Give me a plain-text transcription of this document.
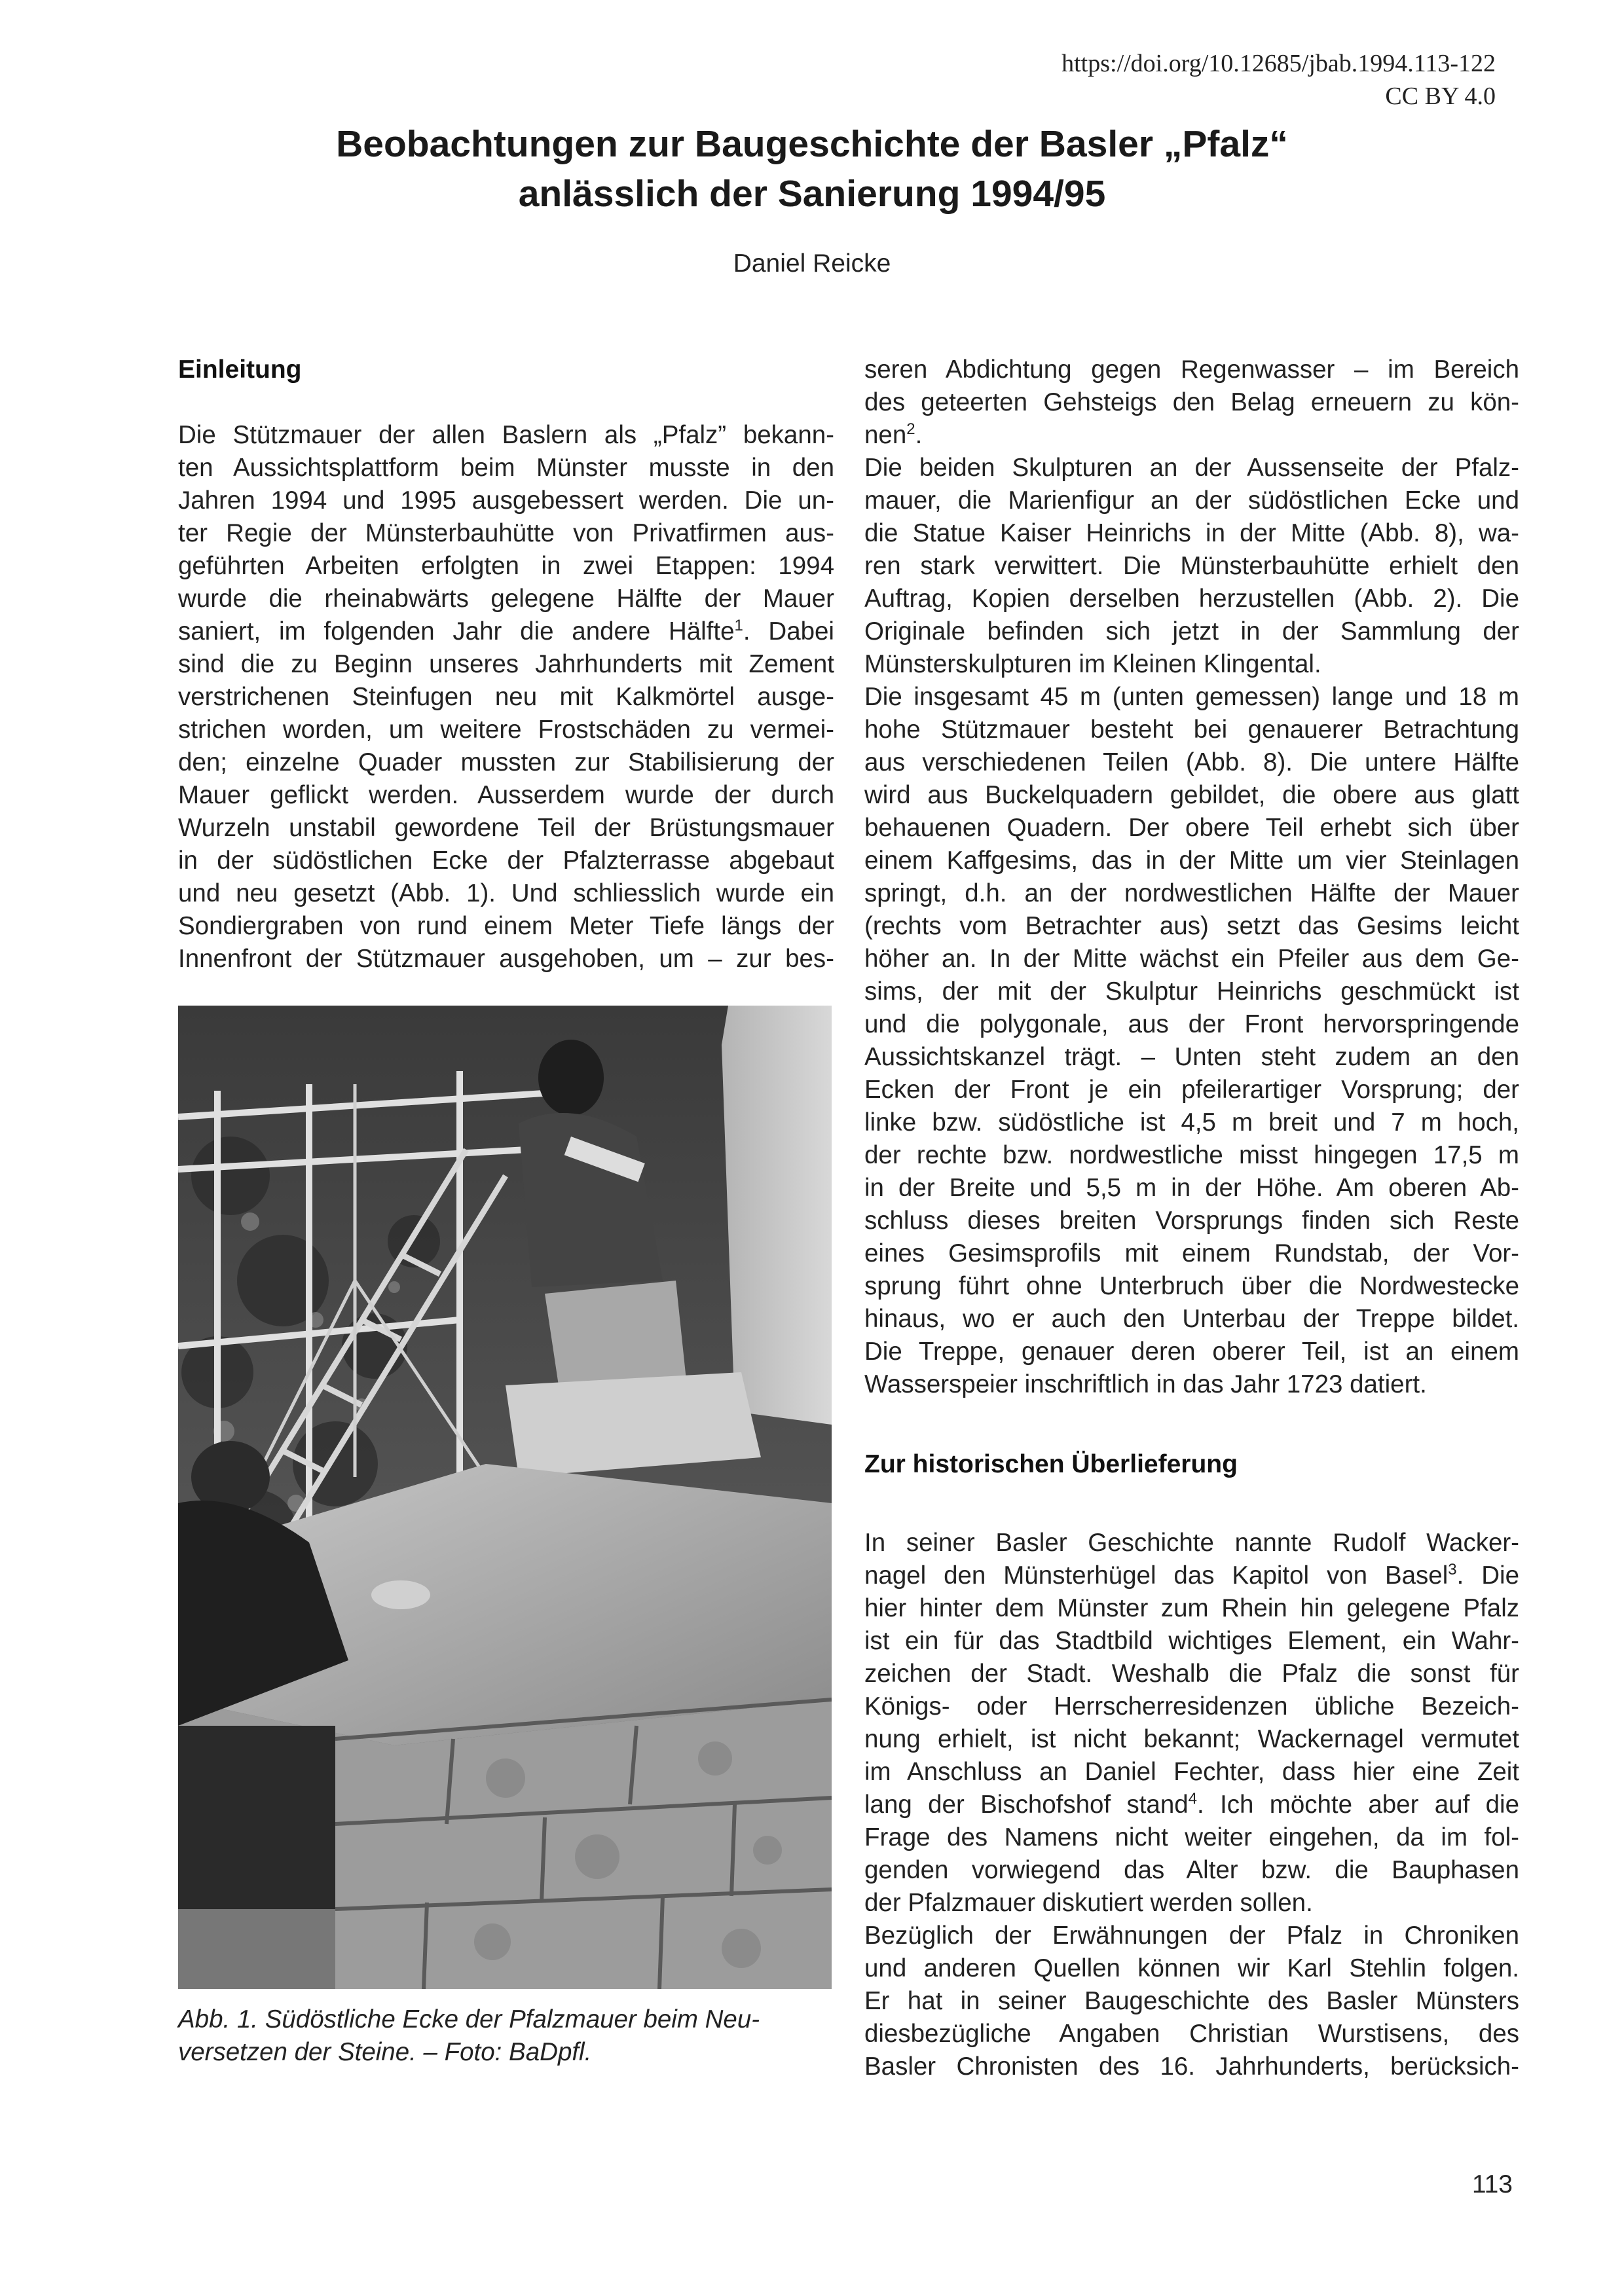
https://doi.org/10.12685/jbab.1994.113-122
CC BY 4.0
Beobachtungen zur Baugeschichte der Basler „Pfalz“
anlässlich der Sanierung 1994/95
Daniel Reicke
Einleitung
Die Stützmauer der allen Baslern als „Pfalz” bekann-
ten Aussichtsplattform beim Münster musste in den
Jahren 1994 und 1995 ausgebessert werden. Die un-
ter Regie der Münsterbauhütte von Privatfirmen aus-
geführten Arbeiten erfolgten in zwei Etappen: 1994
wurde die rheinabwärts gelegene Hälfte der Mauer
saniert, im folgenden Jahr die andere Hälfte$^1$. Dabei
sind die zu Beginn unseres Jahrhunderts mit Zement
verstrichenen Steinfugen neu mit Kalkmörtel ausge-
strichen worden, um weitere Frostschäden zu vermei-
den; einzelne Quader mussten zur Stabilisierung der
Mauer geflickt werden. Ausserdem wurde der durch
Wurzeln unstabil gewordene Teil der Brüstungsmauer
in der südöstlichen Ecke der Pfalzterrasse abgebaut
und neu gesetzt (Abb. 1). Und schliesslich wurde ein
Sondiergraben von rund einem Meter Tiefe längs der
Innenfront der Stützmauer ausgehoben, um – zur bes-
Abb. 1. Südöstliche Ecke der Pfalzmauer beim Neu-
versetzen der Steine. – Foto: BaDpfl.
seren Abdichtung gegen Regenwasser – im Bereich
des geteerten Gehsteigs den Belag erneuern zu kön-
nen$^2$.
Die beiden Skulpturen an der Aussenseite der Pfalz-
mauer, die Marienfigur an der südöstlichen Ecke und
die Statue Kaiser Heinrichs in der Mitte (Abb. 8), wa-
ren stark verwittert. Die Münsterbauhütte erhielt den
Auftrag, Kopien derselben herzustellen (Abb. 2). Die
Originale befinden sich jetzt in der Sammlung der
Münsterskulpturen im Kleinen Klingental.
Die insgesamt 45 m (unten gemessen) lange und 18 m
hohe Stützmauer besteht bei genauerer Betrachtung
aus verschiedenen Teilen (Abb. 8). Die untere Hälfte
wird aus Buckelquadern gebildet, die obere aus glatt
behauenen Quadern. Der obere Teil erhebt sich über
einem Kaffgesims, das in der Mitte um vier Steinlagen
springt, d.h. an der nordwestlichen Hälfte der Mauer
(rechts vom Betrachter aus) setzt das Gesims leicht
höher an. In der Mitte wächst ein Pfeiler aus dem Ge-
sims, der mit der Skulptur Heinrichs geschmückt ist
und die polygonale, aus der Front hervorspringende
Aussichtskanzel trägt. – Unten steht zudem an den
Ecken der Front je ein pfeilerartiger Vorsprung; der
linke bzw. südöstliche ist 4,5 m breit und 7 m hoch,
der rechte bzw. nordwestliche misst hingegen 17,5 m
in der Breite und 5,5 m in der Höhe. Am oberen Ab-
schluss dieses breiten Vorsprungs finden sich Reste
eines Gesimsprofils mit einem Rundstab, der Vor-
sprung führt ohne Unterbruch über die Nordwestecke
hinaus, wo er auch den Unterbau der Treppe bildet.
Die Treppe, genauer deren oberer Teil, ist an einem
Wasserspeier inschriftlich in das Jahr 1723 datiert.
Zur historischen Überlieferung
In seiner Basler Geschichte nannte Rudolf Wacker-
nagel den Münsterhügel das Kapitol von Basel$^3$. Die
hier hinter dem Münster zum Rhein hin gelegene Pfalz
ist ein für das Stadtbild wichtiges Element, ein Wahr-
zeichen der Stadt. Weshalb die Pfalz die sonst für
Königs- oder Herrscherresidenzen übliche Bezeich-
nung erhielt, ist nicht bekannt; Wackernagel vermutet
im Anschluss an Daniel Fechter, dass hier eine Zeit
lang der Bischofshof stand$^4$. Ich möchte aber auf die
Frage des Namens nicht weiter eingehen, da im fol-
genden vorwiegend das Alter bzw. die Bauphasen
der Pfalzmauer diskutiert werden sollen.
Bezüglich der Erwähnungen der Pfalz in Chroniken
und anderen Quellen können wir Karl Stehlin folgen.
Er hat in seiner Baugeschichte des Basler Münsters
diesbezügliche Angaben Christian Wurstisens, des
Basler Chronisten des 16. Jahrhunderts, berücksich-
113
